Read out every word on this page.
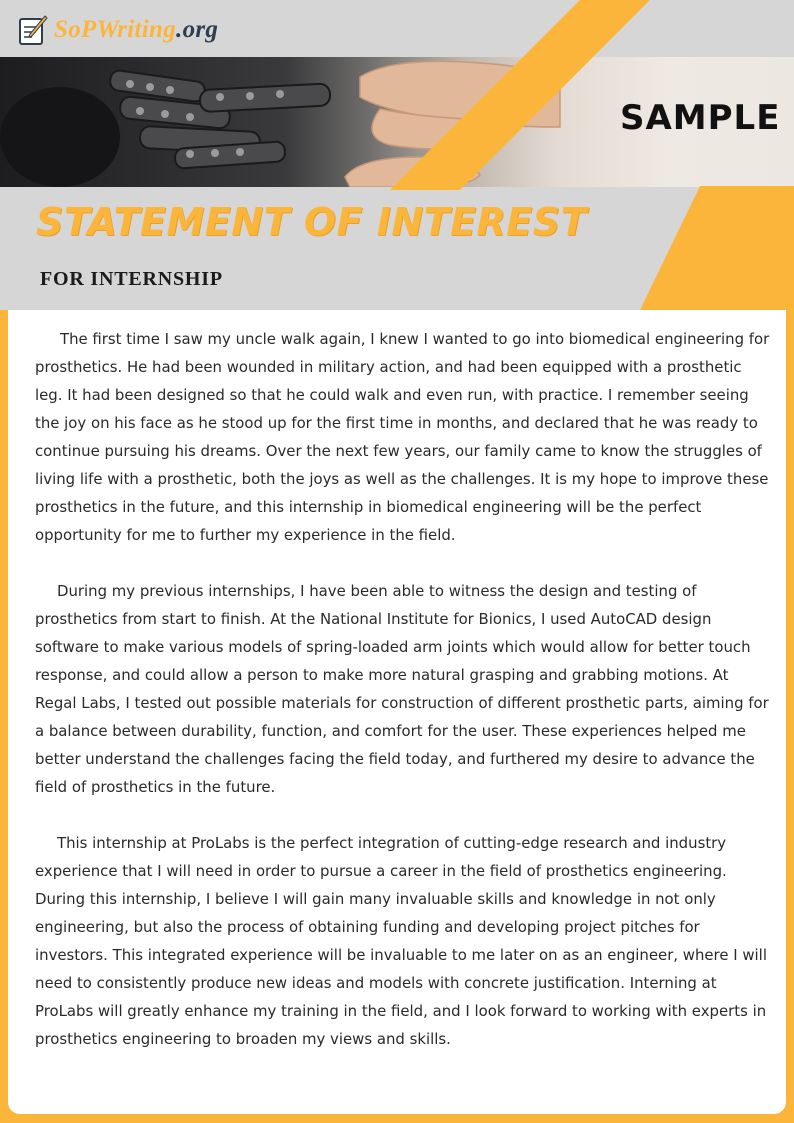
SoPWriting.org
SAMPLE
STATEMENT OF INTEREST
FOR INTERNSHIP

The first time I saw my uncle walk again, I knew I wanted to go into biomedical engineering for prosthetics. He had been wounded in military action, and had been equipped with a prosthetic leg. It had been designed so that he could walk and even run, with practice. I remember seeing the joy on his face as he stood up for the first time in months, and declared that he was ready to continue pursuing his dreams. Over the next few years, our family came to know the struggles of living life with a prosthetic, both the joys as well as the challenges. It is my hope to improve these prosthetics in the future, and this internship in biomedical engineering will be the perfect opportunity for me to further my experience in the field.

During my previous internships, I have been able to witness the design and testing of prosthetics from start to finish. At the National Institute for Bionics, I used AutoCAD design software to make various models of spring-loaded arm joints which would allow for better touch response, and could allow a person to make more natural grasping and grabbing motions. At Regal Labs, I tested out possible materials for construction of different prosthetic parts, aiming for a balance between durability, function, and comfort for the user. These experiences helped me better understand the challenges facing the field today, and furthered my desire to advance the field of prosthetics in the future.

This internship at ProLabs is the perfect integration of cutting-edge research and industry experience that I will need in order to pursue a career in the field of prosthetics engineering. During this internship, I believe I will gain many invaluable skills and knowledge in not only engineering, but also the process of obtaining funding and developing project pitches for investors. This integrated experience will be invaluable to me later on as an engineer, where I will need to consistently produce new ideas and models with concrete justification. Interning at ProLabs will greatly enhance my training in the field, and I look forward to working with experts in prosthetics engineering to broaden my views and skills.
